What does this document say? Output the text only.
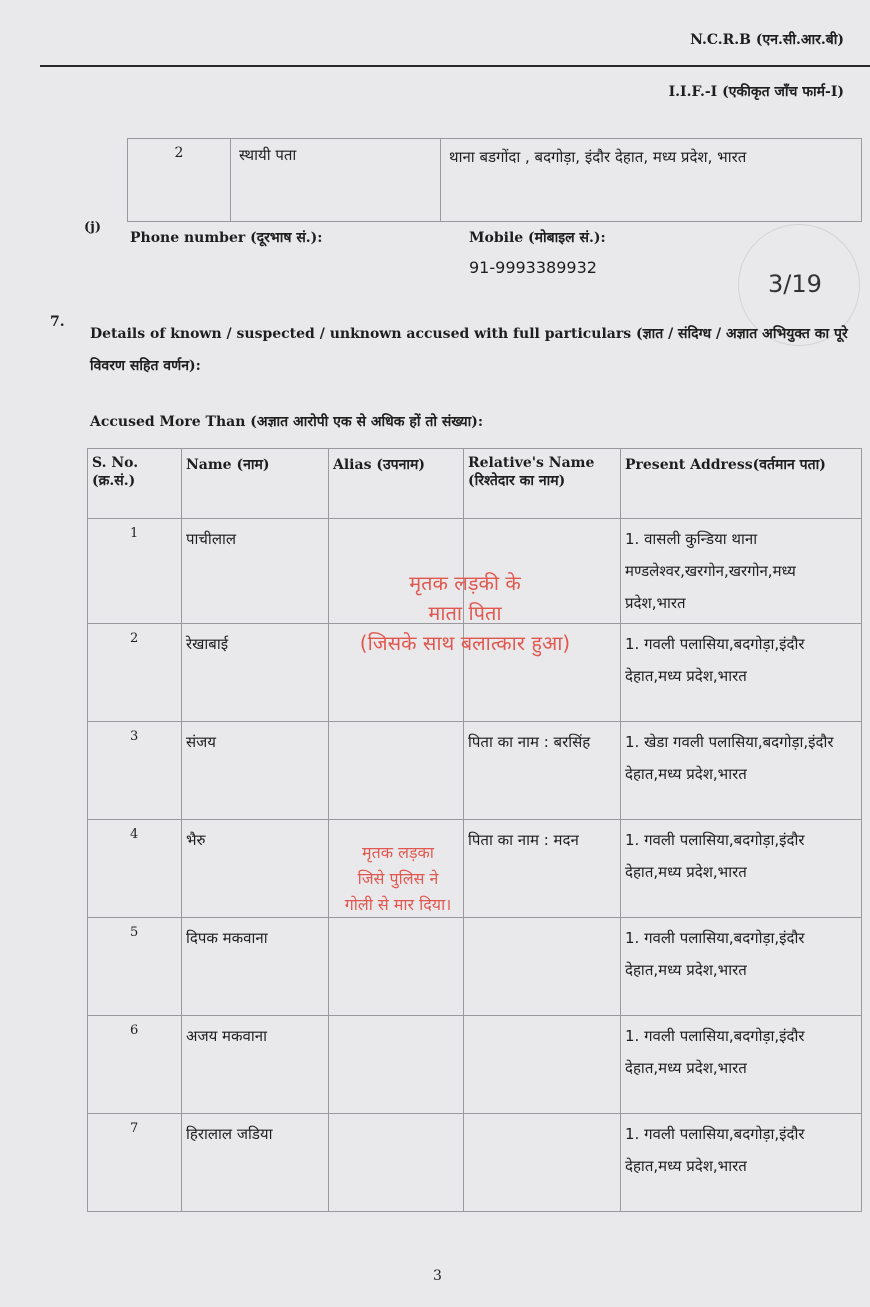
N.C.R.B (एन.सी.आर.बी)
I.I.F.-I (एकीकृत जाँच फार्म-I)
2	स्थायी पता	थाना बडगोंदा , बदगोड़ा, इंदौर देहात, मध्य प्रदेश, भारत
(j)
Phone number (दूरभाष सं.):	Mobile (मोबाइल सं.):
91-9993389932
3/19
7.
Details of known / suspected / unknown accused with full particulars (ज्ञात / संदिग्ध / अज्ञात अभियुक्त का पूरे विवरण सहित वर्णन):
Accused More Than (अज्ञात आरोपी एक से अधिक हों तो संख्या):
S. No. (क्र.सं.)	Name (नाम)	Alias (उपनाम)	Relative's Name (रिश्तेदार का नाम)	Present Address(वर्तमान पता)
1	पाचीलाल			1. वासली कुन्डिया थाना मण्डलेश्वर,खरगोन,खरगोन,मध्य प्रदेश,भारत
2	रेखाबाई			1. गवली पलासिया,बदगोड़ा,इंदौर देहात,मध्य प्रदेश,भारत
3	संजय		पिता का नाम : बरसिंह	1. खेडा गवली पलासिया,बदगोड़ा,इंदौर देहात,मध्य प्रदेश,भारत
4	भैरु		पिता का नाम : मदन	1. गवली पलासिया,बदगोड़ा,इंदौर देहात,मध्य प्रदेश,भारत
5	दिपक मकवाना			1. गवली पलासिया,बदगोड़ा,इंदौर देहात,मध्य प्रदेश,भारत
6	अजय मकवाना			1. गवली पलासिया,बदगोड़ा,इंदौर देहात,मध्य प्रदेश,भारत
7	हिरालाल जडिया			1. गवली पलासिया,बदगोड़ा,इंदौर देहात,मध्य प्रदेश,भारत
मृतक लड़की के
माता पिता
(जिसके साथ बलात्कार हुआ)
मृतक लड़का
जिसे पुलिस ने
गोली से मार दिया।
3
